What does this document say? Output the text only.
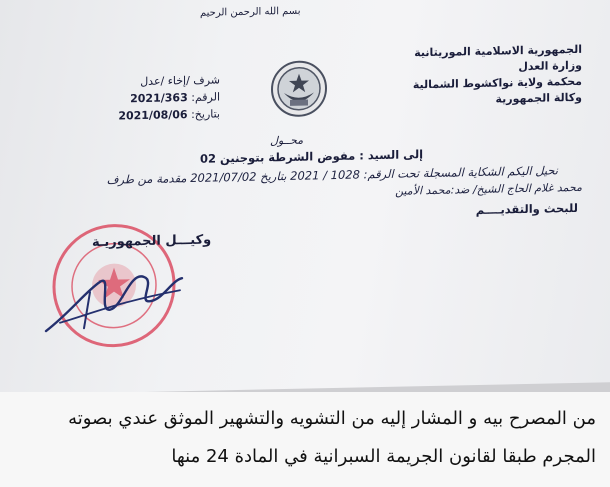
بسم الله الرحمن الرحيم
الجمهورية الاسلامية الموريتانية
وزارة العدل
محكمة ولاية نواكشوط الشمالية
وكالة الجمهورية
شرف /إخاء /عدل
الرقم: 2021/363
بتاريخ: 2021/08/06
محــول
إلى السيد : مفوض الشرطة بتوجنين 02
نحيل اليكم الشكاية المسجلة تحت الرقم: 1028 / 2021 بتاريخ 2021/07/02 مقدمة من طرف
محمد غلام الحاج الشيخ/ ضد:محمد الأمين
للبحث والتقديــــم
وكيـــل الجمهوريـة
من المصرح بيه و المشار إليه من التشويه والتشهير الموثق عندي بصوته
المجرم طبقا لقانون الجريمة السبرانية في المادة 24 منها
